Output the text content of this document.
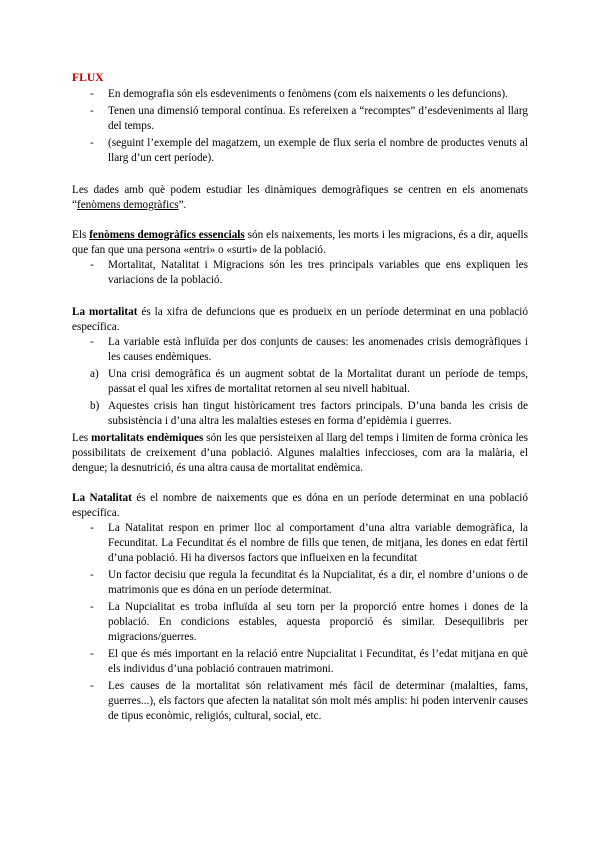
FLUX
- En demografia són els esdeveniments o fenòmens (com els naixements o les defuncions).
- Tenen una dimensió temporal contínua. Es refereixen a “recomptes” d’esdeveniments al llarg del temps.
- (seguint l’exemple del magatzem, un exemple de flux seria el nombre de productes venuts al llarg d’un cert període).

Les dades amb què podem estudiar les dinàmiques demogràfiques se centren en els anomenats “fenòmens demogràfics”.

Els fenòmens demogràfics essencials són els naixements, les morts i les migracions, és a dir, aquells que fan que una persona «entri» o «surti» de la població.

- Mortalitat, Natalitat i Migracions són les tres principals variables que ens expliquen les variacions de la població.

La mortalitat és la xifra de defuncions que es produeix en un període determinat en una població específica.

- La variable està influïda per dos conjunts de causes: les anomenades crisis demogràfiques i les causes endèmiques.
a) Una crisi demogràfica és un augment sobtat de la Mortalitat durant un període de temps, passat el qual les xifres de mortalitat retornen al seu nivell habitual.
b) Aquestes crisis han tingut històricament tres factors principals. D’una banda les crisis de subsistència i d’una altra les malalties esteses en forma d’epidèmia i guerres.

Les mortalitats endèmiques són les que persisteixen al llarg del temps i limiten de forma crònica les possibilitats de creixement d’una població. Algunes malalties infeccioses, com ara la malària, el dengue; la desnutrició, és una altra causa de mortalitat endèmica.

La Natalitat és el nombre de naixements que es dóna en un període determinat en una població específica.

- La Natalitat respon en primer lloc al comportament d’una altra variable demogràfica, la Fecunditat. La Fecunditat és el nombre de fills que tenen, de mitjana, les dones en edat fèrtil d’una població. Hi ha diversos factors que influeixen en la fecunditat
- Un factor decisiu que regula la fecunditat és la Nupcialitat, és a dir, el nombre d’unions o de matrimonis que es dóna en un període determinat.
- La Nupcialitat es troba influïda al seu torn per la proporció entre homes i dones de la població. En condicions estables, aquesta proporció és similar. Desequilibris per migracions/guerres.
- El que és més important en la relació entre Nupcialitat i Fecunditat, és l’edat mitjana en què els individus d’una població contrauen matrimoni.
- Les causes de la mortalitat són relativament més fàcil de determinar (malalties, fams, guerres...), els factors que afecten la natalitat són molt més amplis: hi poden intervenir causes de tipus econòmic, religiós, cultural, social, etc.
